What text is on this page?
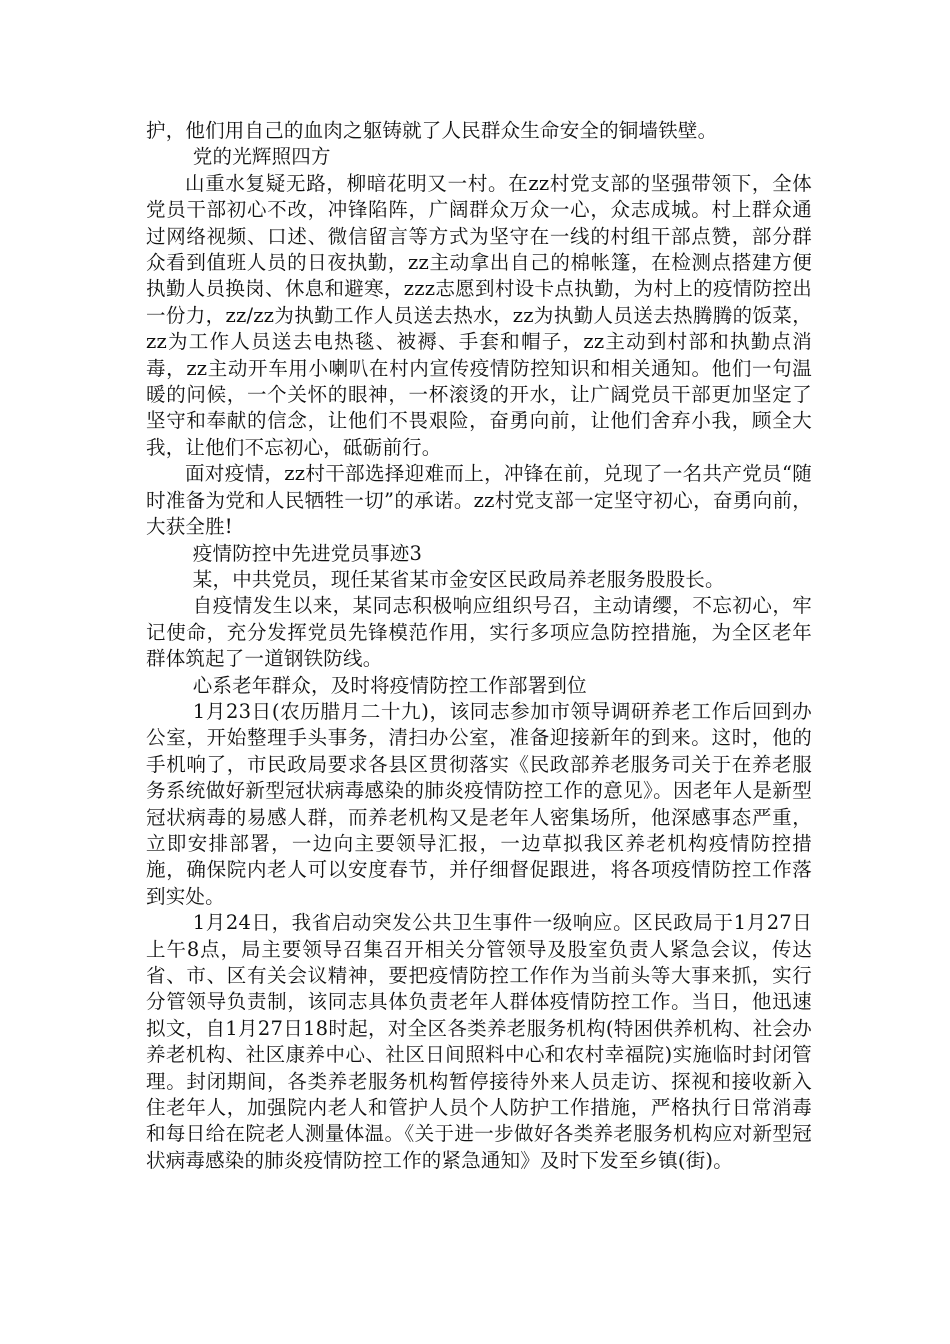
护，他们用自己的血肉之躯铸就了人民群众生命安全的铜墙铁壁。

党的光辉照四方

山重水复疑无路，柳暗花明又一村。在zz村党支部的坚强带领下，全体党员干部初心不改，冲锋陷阵，广阔群众万众一心，众志成城。村上群众通过网络视频、口述、微信留言等方式为坚守在一线的村组干部点赞，部分群众看到值班人员的日夜执勤，zz主动拿出自己的棉帐篷，在检测点搭建方便执勤人员换岗、休息和避寒，zzz志愿到村设卡点执勤，为村上的疫情防控出一份力，zz/zz为执勤工作人员送去热水，zz为执勤人员送去热腾腾的饭菜，zz为工作人员送去电热毯、被褥、手套和帽子，zz主动到村部和执勤点消毒，zz主动开车用小喇叭在村内宣传疫情防控知识和相关通知。他们一句温暖的问候，一个关怀的眼神，一杯滚烫的开水，让广阔党员干部更加坚定了坚守和奉献的信念，让他们不畏艰险，奋勇向前，让他们舍弃小我，顾全大我，让他们不忘初心，砥砺前行。

面对疫情，zz村干部选择迎难而上，冲锋在前，兑现了一名共产党员“随时准备为党和人民牺牲一切”的承诺。zz村党支部一定坚守初心，奋勇向前，大获全胜!

疫情防控中先进党员事迹3

某，中共党员，现任某省某市金安区民政局养老服务股股长。

自疫情发生以来，某同志积极响应组织号召，主动请缨，不忘初心，牢记使命，充分发挥党员先锋模范作用，实行多项应急防控措施，为全区老年群体筑起了一道钢铁防线。

心系老年群众，及时将疫情防控工作部署到位

1月23日(农历腊月二十九)，该同志参加市领导调研养老工作后回到办公室，开始整理手头事务，清扫办公室，准备迎接新年的到来。这时，他的手机响了，市民政局要求各县区贯彻落实《民政部养老服务司关于在养老服务系统做好新型冠状病毒感染的肺炎疫情防控工作的意见》。因老年人是新型冠状病毒的易感人群，而养老机构又是老年人密集场所，他深感事态严重，立即安排部署，一边向主要领导汇报，一边草拟我区养老机构疫情防控措施，确保院内老人可以安度春节，并仔细督促跟进，将各项疫情防控工作落到实处。

1月24日，我省启动突发公共卫生事件一级响应。区民政局于1月27日上午8点，局主要领导召集召开相关分管领导及股室负责人紧急会议，传达省、市、区有关会议精神，要把疫情防控工作作为当前头等大事来抓，实行分管领导负责制，该同志具体负责老年人群体疫情防控工作。当日，他迅速拟文，自1月27日18时起，对全区各类养老服务机构(特困供养机构、社会办养老机构、社区康养中心、社区日间照料中心和农村幸福院)实施临时封闭管理。封闭期间，各类养老服务机构暂停接待外来人员走访、探视和接收新入住老年人，加强院内老人和管护人员个人防护工作措施，严格执行日常消毒和每日给在院老人测量体温。《关于进一步做好各类养老服务机构应对新型冠状病毒感染的肺炎疫情防控工作的紧急通知》及时下发至乡镇(街)。
